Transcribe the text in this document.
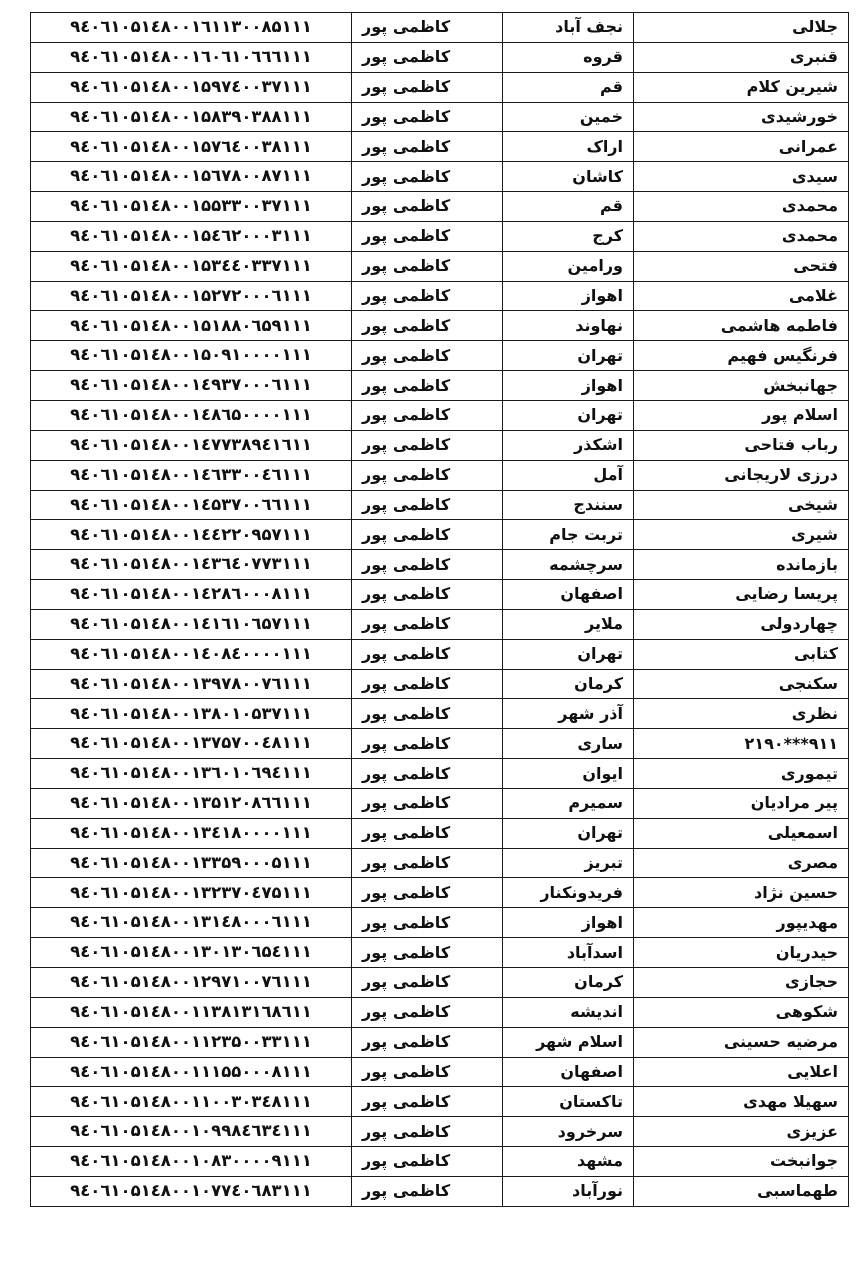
۹٤۰٦۱۰۵۱٤۸۰۰۱٦۱۱۳۰۰۸۵۱۱۱	کاظمی پور	نجف آباد	جلالی
۹٤۰٦۱۰۵۱٤۸۰۰۱٦۰٦۱۰٦٦٦۱۱۱	کاظمی پور	قروه	قنبری
۹٤۰٦۱۰۵۱٤۸۰۰۱۵۹۷٤۰۰۳۷۱۱۱	کاظمی پور	قم	شیرین کلام
۹٤۰٦۱۰۵۱٤۸۰۰۱۵۸۳۹۰۳۸۸۱۱۱	کاظمی پور	خمین	خورشیدی
۹٤۰٦۱۰۵۱٤۸۰۰۱۵۷٦٤۰۰۳۸۱۱۱	کاظمی پور	اراک	عمرانی
۹٤۰٦۱۰۵۱٤۸۰۰۱۵٦۷۸۰۰۸۷۱۱۱	کاظمی پور	کاشان	سیدی
۹٤۰٦۱۰۵۱٤۸۰۰۱۵۵۳۳۰۰۳۷۱۱۱	کاظمی پور	قم	محمدی
۹٤۰٦۱۰۵۱٤۸۰۰۱۵٤٦۲۰۰۰۳۱۱۱	کاظمی پور	کرج	محمدی
۹٤۰٦۱۰۵۱٤۸۰۰۱۵۳٤٤۰۳۳۷۱۱۱	کاظمی پور	ورامین	فتحی
۹٤۰٦۱۰۵۱٤۸۰۰۱۵۲۷۲۰۰۰٦۱۱۱	کاظمی پور	اهواز	غلامی
۹٤۰٦۱۰۵۱٤۸۰۰۱۵۱۸۸۰٦۵۹۱۱۱	کاظمی پور	نهاوند	فاطمه هاشمی
۹٤۰٦۱۰۵۱٤۸۰۰۱۵۰۹۱۰۰۰۰۱۱۱	کاظمی پور	تهران	فرنگیس فهیم
۹٤۰٦۱۰۵۱٤۸۰۰۱٤۹۳۷۰۰۰٦۱۱۱	کاظمی پور	اهواز	جهانبخش
۹٤۰٦۱۰۵۱٤۸۰۰۱٤۸٦۵۰۰۰۰۱۱۱	کاظمی پور	تهران	اسلام پور
۹٤۰٦۱۰۵۱٤۸۰۰۱٤۷۷۳۸۹٤۱٦۱۱	کاظمی پور	اشکذر	رباب فتاحی
۹٤۰٦۱۰۵۱٤۸۰۰۱٤٦۳۳۰۰٤٦۱۱۱	کاظمی پور	آمل	درزی لاریجانی
۹٤۰٦۱۰۵۱٤۸۰۰۱٤۵۳۷۰۰٦٦۱۱۱	کاظمی پور	سنندج	شیخی
۹٤۰٦۱۰۵۱٤۸۰۰۱٤٤۲۲۰۹۵۷۱۱۱	کاظمی پور	تربت جام	شیری
۹٤۰٦۱۰۵۱٤۸۰۰۱٤۳٦٤۰۷۷۳۱۱۱	کاظمی پور	سرچشمه	بازمانده
۹٤۰٦۱۰۵۱٤۸۰۰۱٤۲۸٦۰۰۰۸۱۱۱	کاظمی پور	اصفهان	پریسا رضایی
۹٤۰٦۱۰۵۱٤۸۰۰۱٤۱٦۱۰٦۵۷۱۱۱	کاظمی پور	ملایر	چهاردولی
۹٤۰٦۱۰۵۱٤۸۰۰۱٤۰۸٤۰۰۰۰۱۱۱	کاظمی پور	تهران	کتابی
۹٤۰٦۱۰۵۱٤۸۰۰۱۳۹۷۸۰۰۷٦۱۱۱	کاظمی پور	کرمان	سکنجی
۹٤۰٦۱۰۵۱٤۸۰۰۱۳۸۰۱۰۵۳۷۱۱۱	کاظمی پور	آذر شهر	نظری
۹٤۰٦۱۰۵۱٤۸۰۰۱۳۷۵۷۰۰٤۸۱۱۱	کاظمی پور	ساری	۹۱۱***۲۱۹۰
۹٤۰٦۱۰۵۱٤۸۰۰۱۳٦۰۱۰٦۹٤۱۱۱	کاظمی پور	ایوان	تیموری
۹٤۰٦۱۰۵۱٤۸۰۰۱۳۵۱۲۰۸٦٦۱۱۱	کاظمی پور	سمیرم	پیر مرادیان
۹٤۰٦۱۰۵۱٤۸۰۰۱۳٤۱۸۰۰۰۰۱۱۱	کاظمی پور	تهران	اسمعیلی
۹٤۰٦۱۰۵۱٤۸۰۰۱۳۳۵۹۰۰۰۵۱۱۱	کاظمی پور	تبریز	مصری
۹٤۰٦۱۰۵۱٤۸۰۰۱۳۲۳۷۰٤۷۵۱۱۱	کاظمی پور	فریدونکنار	حسین نژاد
۹٤۰٦۱۰۵۱٤۸۰۰۱۳۱٤۸۰۰۰٦۱۱۱	کاظمی پور	اهواز	مهدیپور
۹٤۰٦۱۰۵۱٤۸۰۰۱۳۰۱۳۰٦۵٤۱۱۱	کاظمی پور	اسدآباد	حیدریان
۹٤۰٦۱۰۵۱٤۸۰۰۱۲۹۷۱۰۰۷٦۱۱۱	کاظمی پور	کرمان	حجازی
۹٤۰٦۱۰۵۱٤۸۰۰۱۱۳۸۱۳۱٦۸٦۱۱	کاظمی پور	اندیشه	شکوهی
۹٤۰٦۱۰۵۱٤۸۰۰۱۱۲۳۵۰۰۳۳۱۱۱	کاظمی پور	اسلام شهر	مرضیه حسینی
۹٤۰٦۱۰۵۱٤۸۰۰۱۱۱۵۵۰۰۰۸۱۱۱	کاظمی پور	اصفهان	اعلایی
۹٤۰٦۱۰۵۱٤۸۰۰۱۱۰۰۳۰۳٤۸۱۱۱	کاظمی پور	تاکستان	سهیلا مهدی
۹٤۰٦۱۰۵۱٤۸۰۰۱۰۹۹۸٤٦۳٤۱۱۱	کاظمی پور	سرخرود	عزیزی
۹٤۰٦۱۰۵۱٤۸۰۰۱۰۸۳۰۰۰۰۹۱۱۱	کاظمی پور	مشهد	جوانبخت
۹٤۰٦۱۰۵۱٤۸۰۰۱۰۷۷٤۰٦۸۳۱۱۱	کاظمی پور	نورآباد	طهماسبی
